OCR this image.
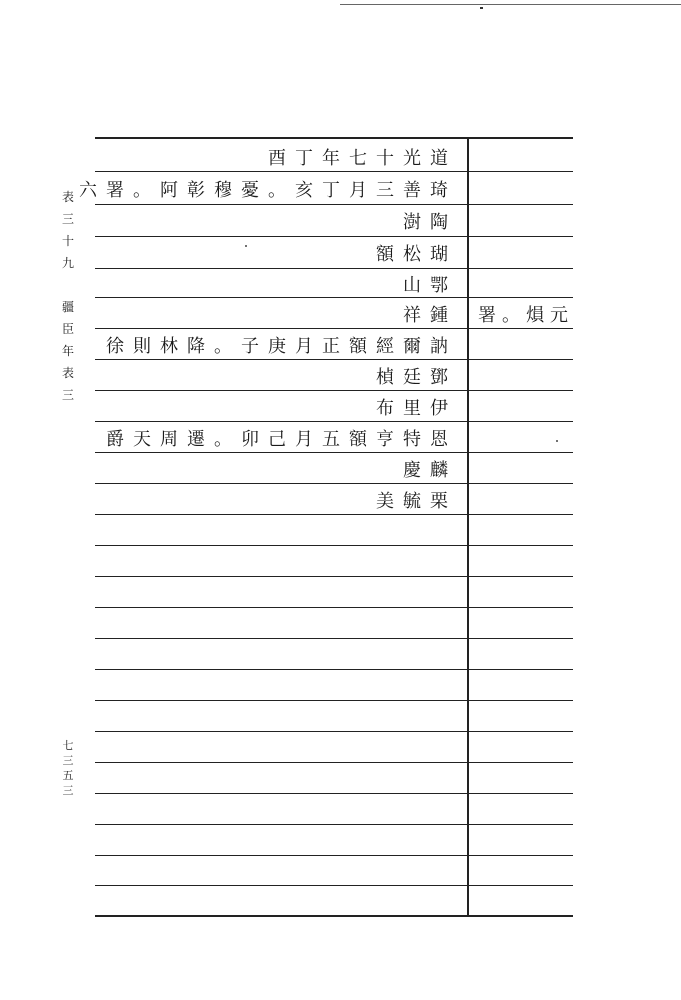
表
三
十
九
疆
臣
年
表
三
七
三
五
三
酉丁年七十光道
六署。阿彰穆憂。亥丁月三善琦
澍陶
額松瑚
山鄂
祥鍾
徐則林降。子庚月正額經爾訥
楨廷鄧
布里伊
爵天周遷。卯己月五額亨特恩
慶麟
美毓栗
署。熉元
